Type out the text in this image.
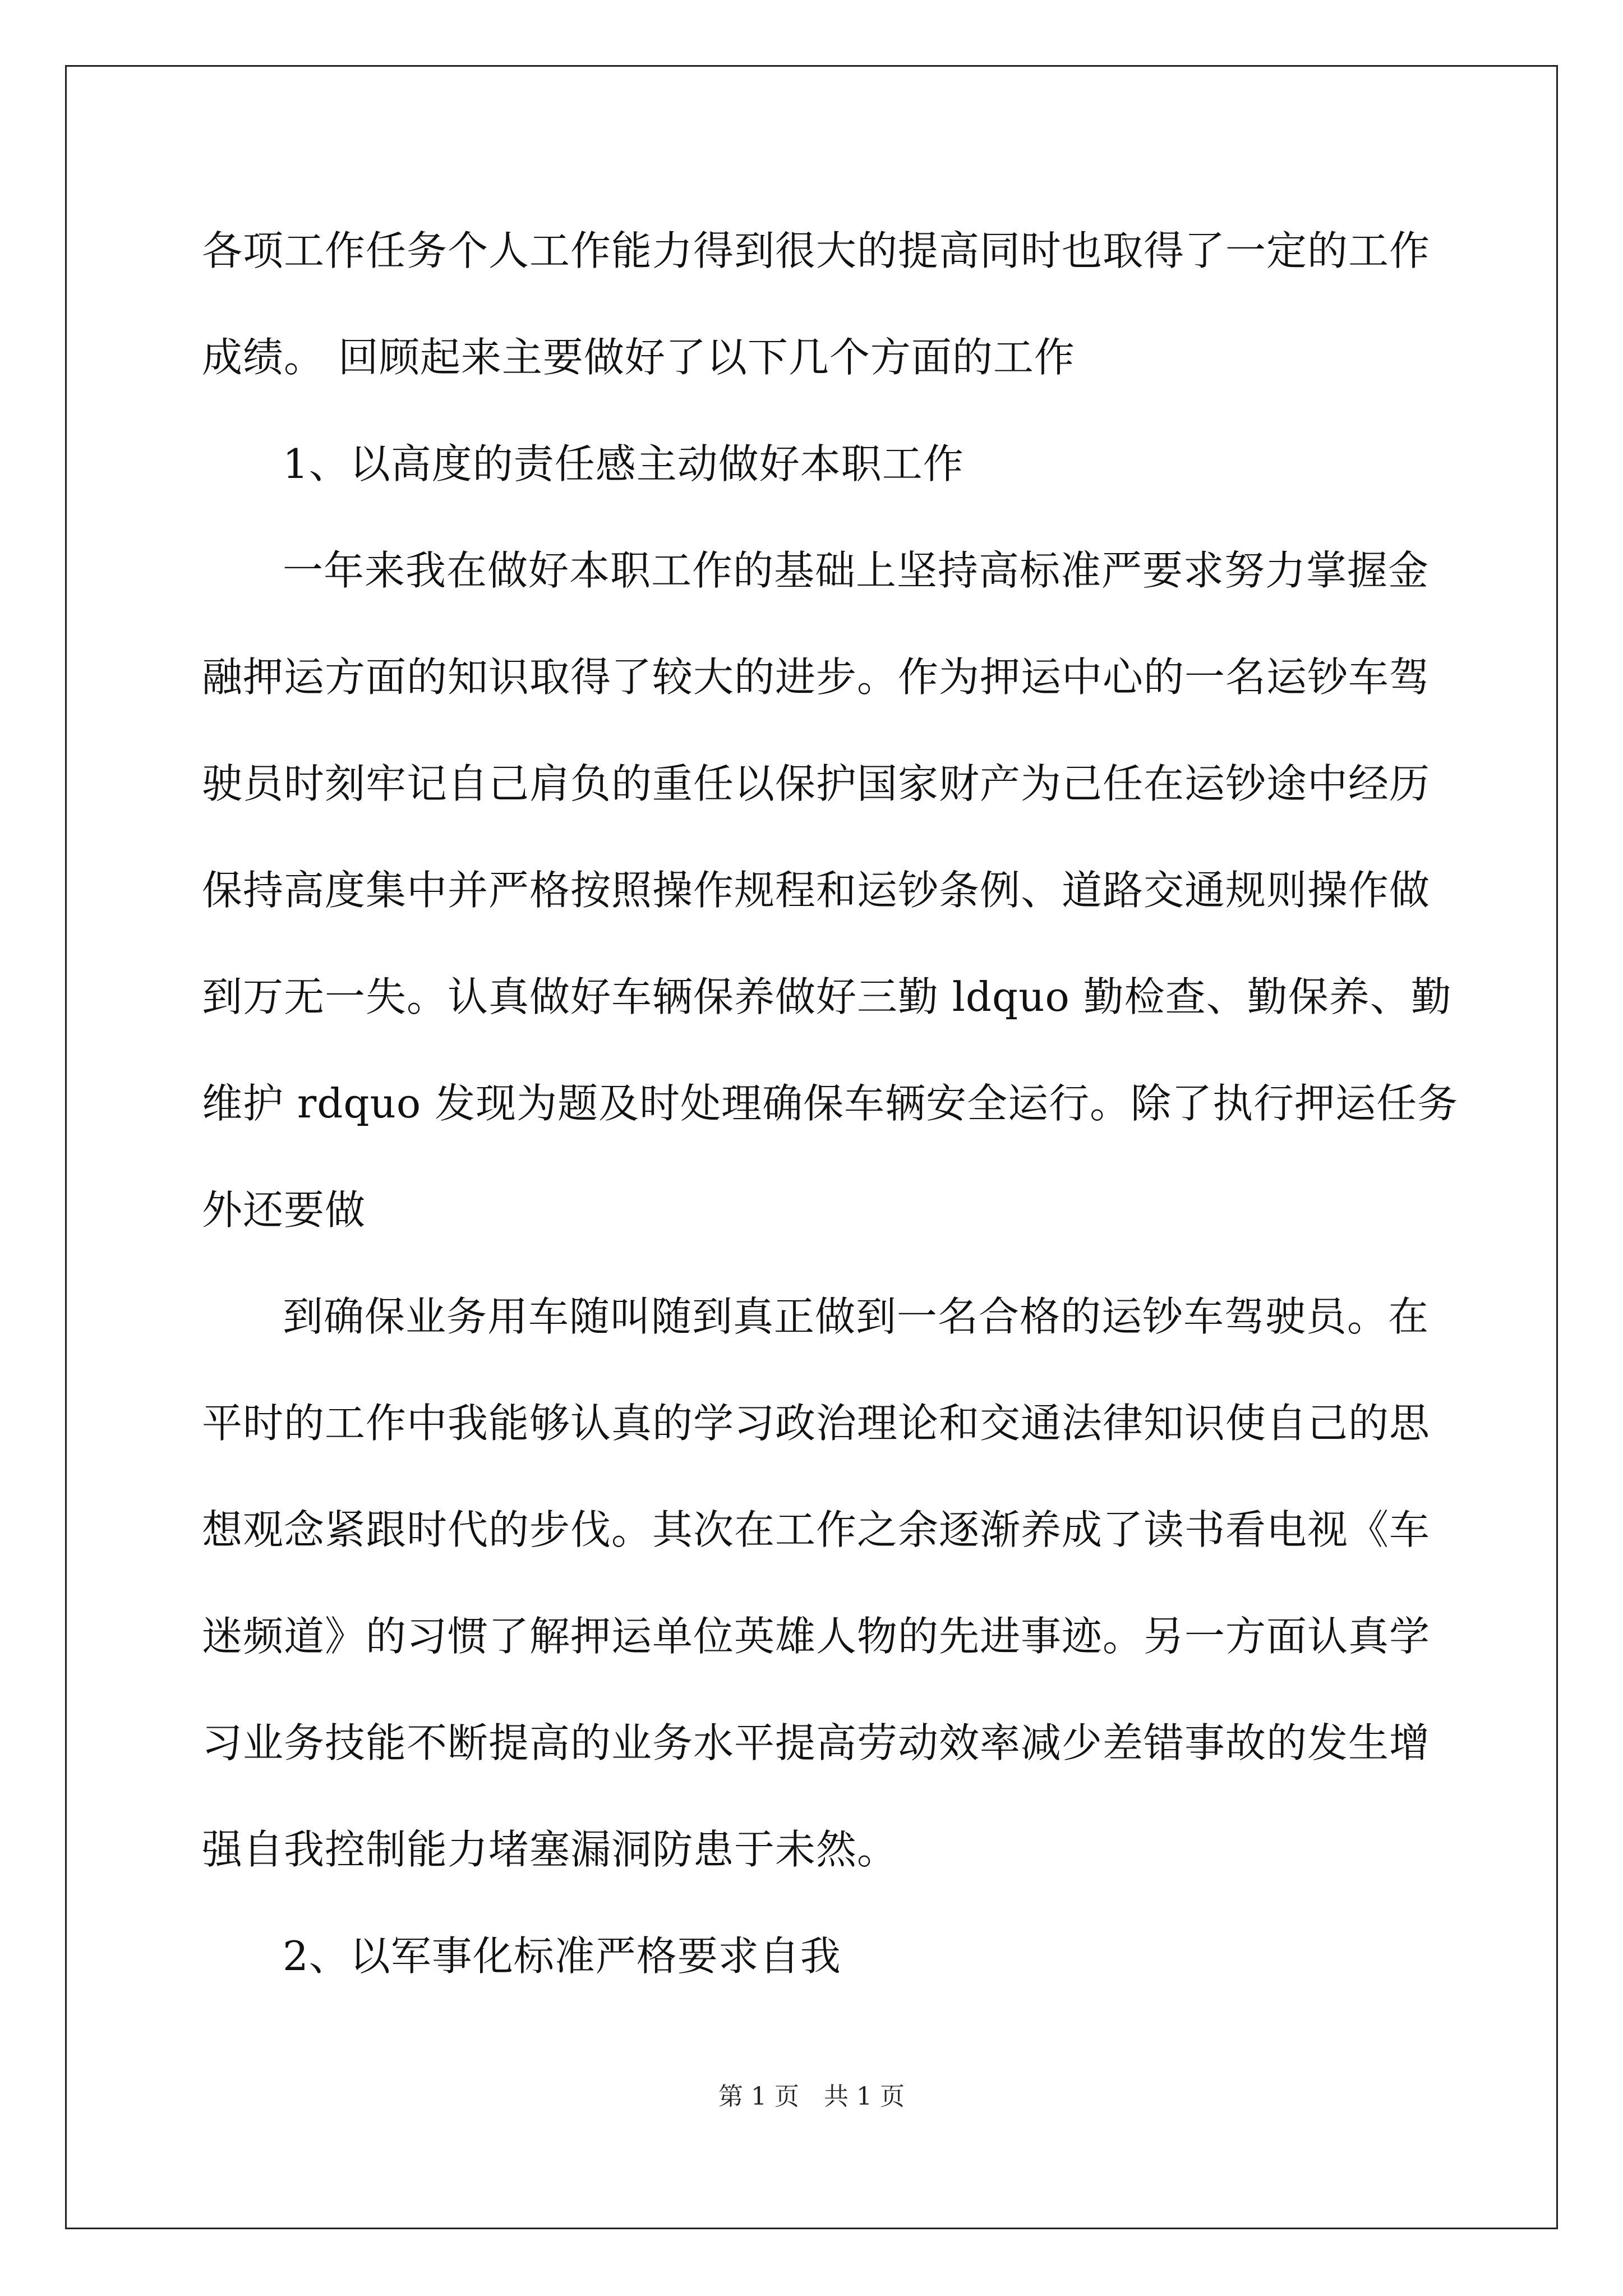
各项工作任务个人工作能力得到很大的提高同时也取得了一定的工作
成绩。 回顾起来主要做好了以下几个方面的工作
1、以高度的责任感主动做好本职工作
一年来我在做好本职工作的基础上坚持高标准严要求努力掌握金
融押运方面的知识取得了较大的进步。作为押运中心的一名运钞车驾
驶员时刻牢记自己肩负的重任以保护国家财产为己任在运钞途中经历
保持高度集中并严格按照操作规程和运钞条例、道路交通规则操作做
到万无一失。认真做好车辆保养做好三勤 ldquo 勤检查、勤保养、勤
维护 rdquo 发现为题及时处理确保车辆安全运行。除了执行押运任务
外还要做
到确保业务用车随叫随到真正做到一名合格的运钞车驾驶员。在
平时的工作中我能够认真的学习政治理论和交通法律知识使自己的思
想观念紧跟时代的步伐。其次在工作之余逐渐养成了读书看电视《车
迷频道》的习惯了解押运单位英雄人物的先进事迹。另一方面认真学
习业务技能不断提高的业务水平提高劳动效率减少差错事故的发生增
强自我控制能力堵塞漏洞防患于未然。
2、以军事化标准严格要求自我
第 1 页　共 1 页
